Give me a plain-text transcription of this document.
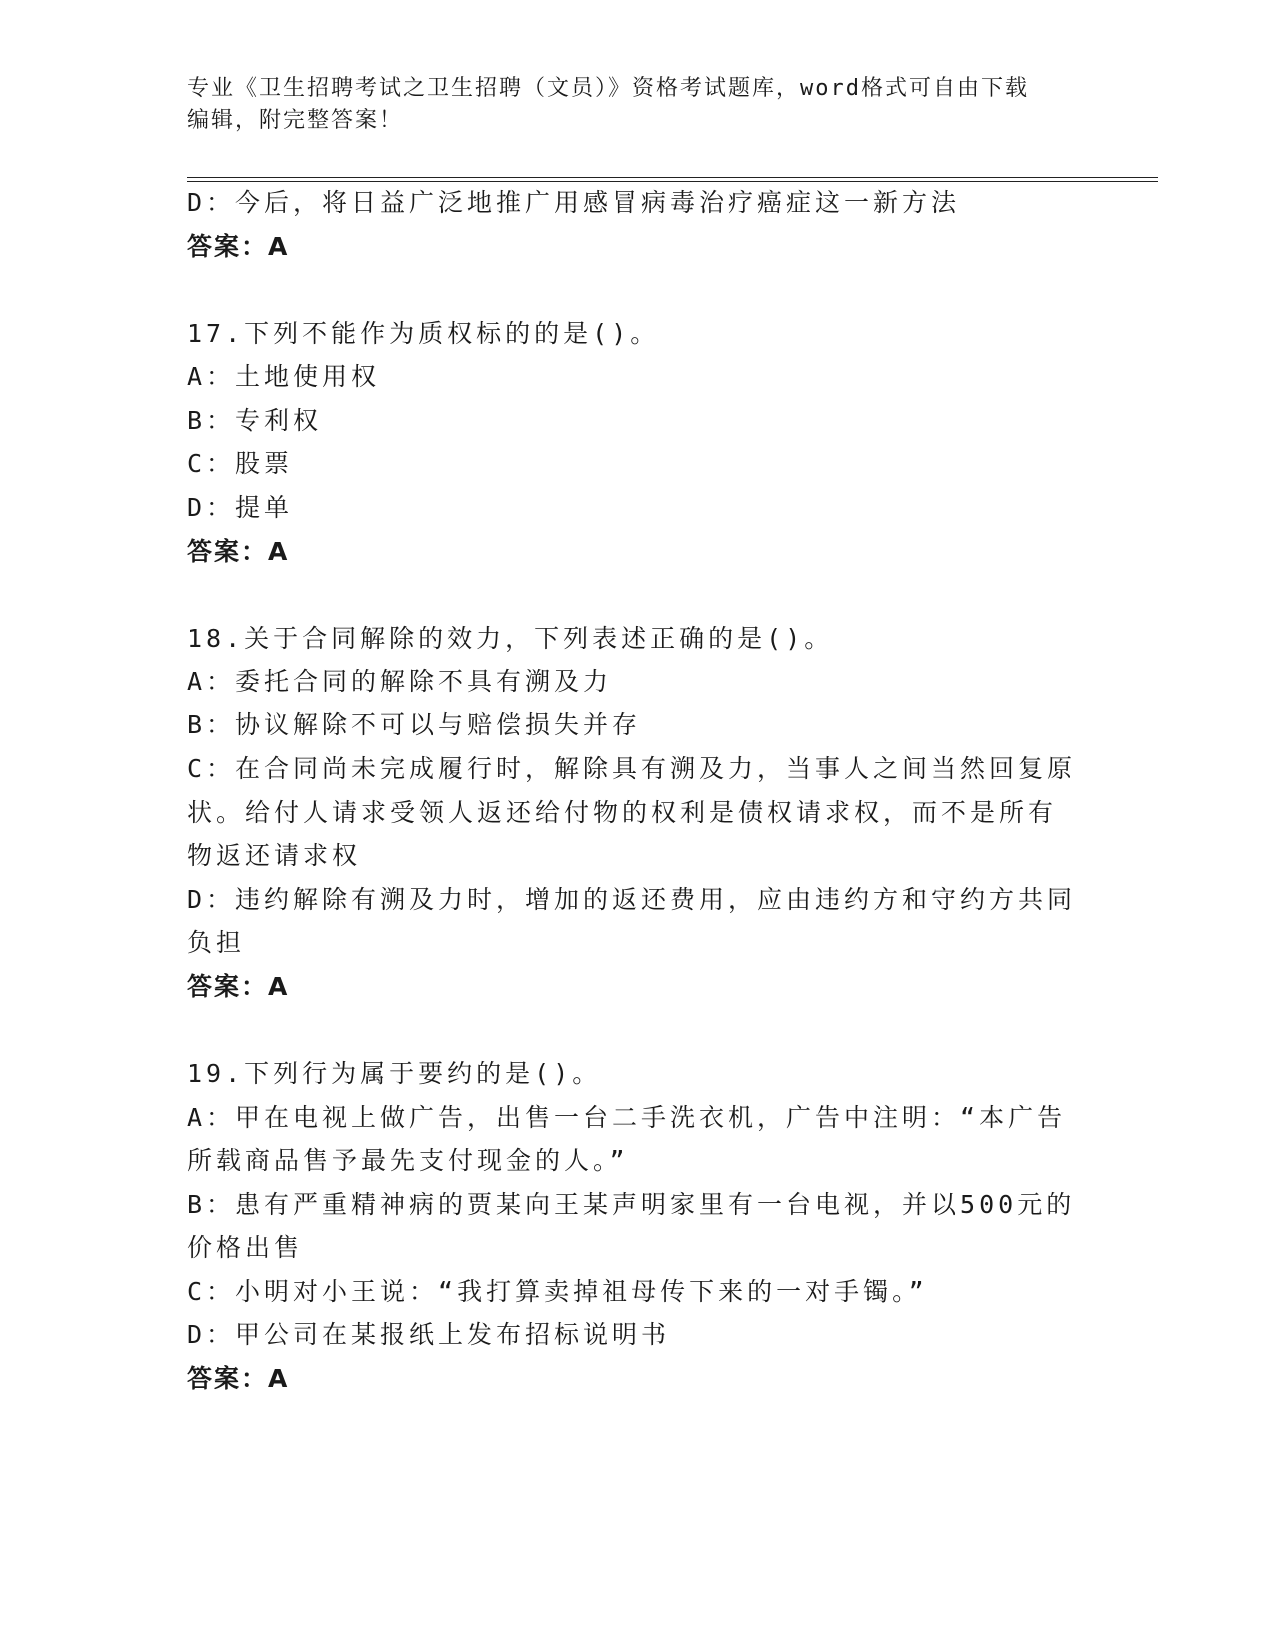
专业《卫生招聘考试之卫生招聘（文员）》资格考试题库，word格式可自由下载
编辑，附完整答案！
D：今后，将日益广泛地推广用感冒病毒治疗癌症这一新方法
答案：A
17.下列不能作为质权标的的是()。
A：土地使用权
B：专利权
C：股票
D：提单
答案：A
18.关于合同解除的效力，下列表述正确的是()。
A：委托合同的解除不具有溯及力
B：协议解除不可以与赔偿损失并存
C：在合同尚未完成履行时，解除具有溯及力，当事人之间当然回复原
状。给付人请求受领人返还给付物的权利是债权请求权，而不是所有
物返还请求权
D：违约解除有溯及力时，增加的返还费用，应由违约方和守约方共同
负担
答案：A
19.下列行为属于要约的是()。
A：甲在电视上做广告，出售一台二手洗衣机，广告中注明：“本广告
所载商品售予最先支付现金的人。”
B：患有严重精神病的贾某向王某声明家里有一台电视，并以500元的
价格出售
C：小明对小王说：“我打算卖掉祖母传下来的一对手镯。”
D：甲公司在某报纸上发布招标说明书
答案：A
